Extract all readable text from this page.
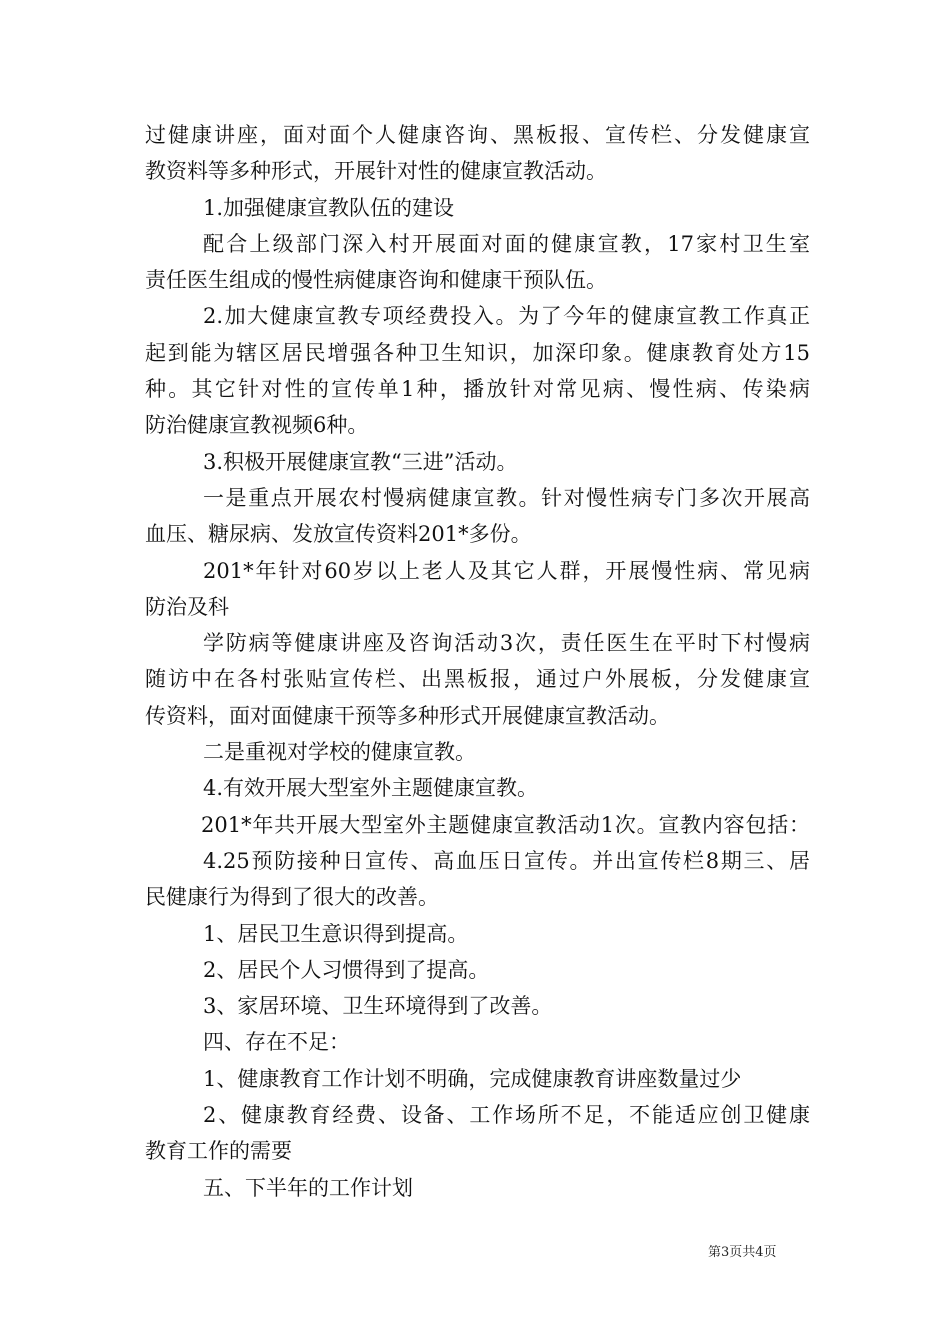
过健康讲座，面对面个人健康咨询、黑板报、宣传栏、分发健康宣
教资料等多种形式，开展针对性的健康宣教活动。
1.加强健康宣教队伍的建设
配合上级部门深入村开展面对面的健康宣教，17家村卫生室
责任医生组成的慢性病健康咨询和健康干预队伍。
2.加大健康宣教专项经费投入。为了今年的健康宣教工作真正
起到能为辖区居民增强各种卫生知识，加深印象。健康教育处方15
种。其它针对性的宣传单1种，播放针对常见病、慢性病、传染病
防治健康宣教视频6种。
3.积极开展健康宣教“三进”活动。
一是重点开展农村慢病健康宣教。针对慢性病专门多次开展高
血压、糖尿病、发放宣传资料201*多份。
201*年针对60岁以上老人及其它人群，开展慢性病、常见病
防治及科
学防病等健康讲座及咨询活动3次，责任医生在平时下村慢病
随访中在各村张贴宣传栏、出黑板报，通过户外展板，分发健康宣
传资料，面对面健康干预等多种形式开展健康宣教活动。
二是重视对学校的健康宣教。
4.有效开展大型室外主题健康宣教。
201*年共开展大型室外主题健康宣教活动1次。宣教内容包括：
4.25预防接种日宣传、高血压日宣传。并出宣传栏8期三、居
民健康行为得到了很大的改善。
1、居民卫生意识得到提高。
2、居民个人习惯得到了提高。
3、家居环境、卫生环境得到了改善。
四、存在不足：
1、健康教育工作计划不明确，完成健康教育讲座数量过少
2、健康教育经费、设备、工作场所不足，不能适应创卫健康
教育工作的需要
五、下半年的工作计划
第3页共4页
